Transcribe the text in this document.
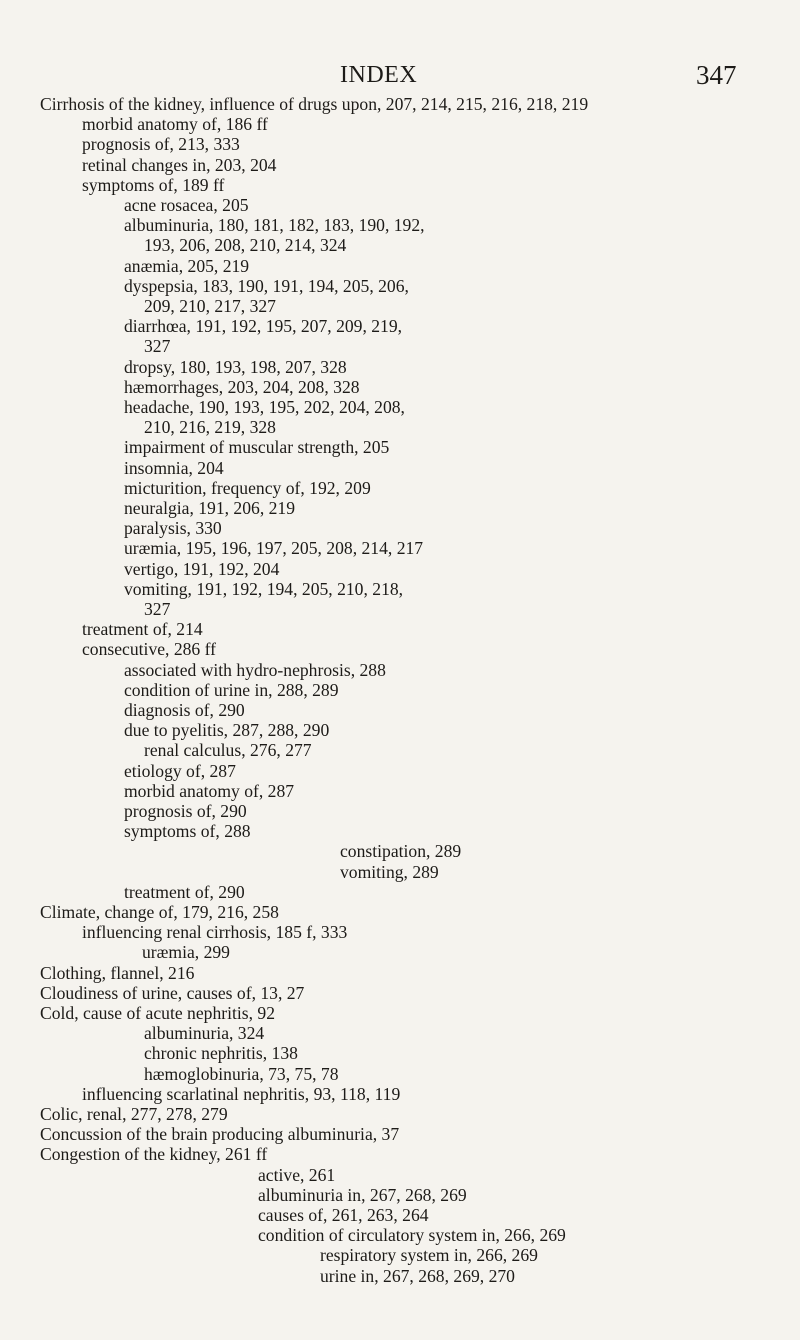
INDEX	347
Cirrhosis of the kidney, influence of drugs upon, 207, 214, 215, 216, 218, 219
morbid anatomy of, 186 ff
prognosis of, 213, 333
retinal changes in, 203, 204
symptoms of, 189 ff
acne rosacea, 205
albuminuria, 180, 181, 182, 183, 190, 192,
193, 206, 208, 210, 214, 324
anæmia, 205, 219
dyspepsia, 183, 190, 191, 194, 205, 206,
209, 210, 217, 327
diarrhœa, 191, 192, 195, 207, 209, 219,
327
dropsy, 180, 193, 198, 207, 328
hæmorrhages, 203, 204, 208, 328
headache, 190, 193, 195, 202, 204, 208,
210, 216, 219, 328
impairment of muscular strength, 205
insomnia, 204
micturition, frequency of, 192, 209
neuralgia, 191, 206, 219
paralysis, 330
uræmia, 195, 196, 197, 205, 208, 214, 217
vertigo, 191, 192, 204
vomiting, 191, 192, 194, 205, 210, 218,
327
treatment of, 214
consecutive, 286 ff
associated with hydro-nephrosis, 288
condition of urine in, 288, 289
diagnosis of, 290
due to pyelitis, 287, 288, 290
renal calculus, 276, 277
etiology of, 287
morbid anatomy of, 287
prognosis of, 290
symptoms of, 288
constipation, 289
vomiting, 289
treatment of, 290
Climate, change of, 179, 216, 258
influencing renal cirrhosis, 185 f, 333
uræmia, 299
Clothing, flannel, 216
Cloudiness of urine, causes of, 13, 27
Cold, cause of acute nephritis, 92
albuminuria, 324
chronic nephritis, 138
hæmoglobinuria, 73, 75, 78
influencing scarlatinal nephritis, 93, 118, 119
Colic, renal, 277, 278, 279
Concussion of the brain producing albuminuria, 37
Congestion of the kidney, 261 ff
active, 261
albuminuria in, 267, 268, 269
causes of, 261, 263, 264
condition of circulatory system in, 266, 269
respiratory system in, 266, 269
urine in, 267, 268, 269, 270
